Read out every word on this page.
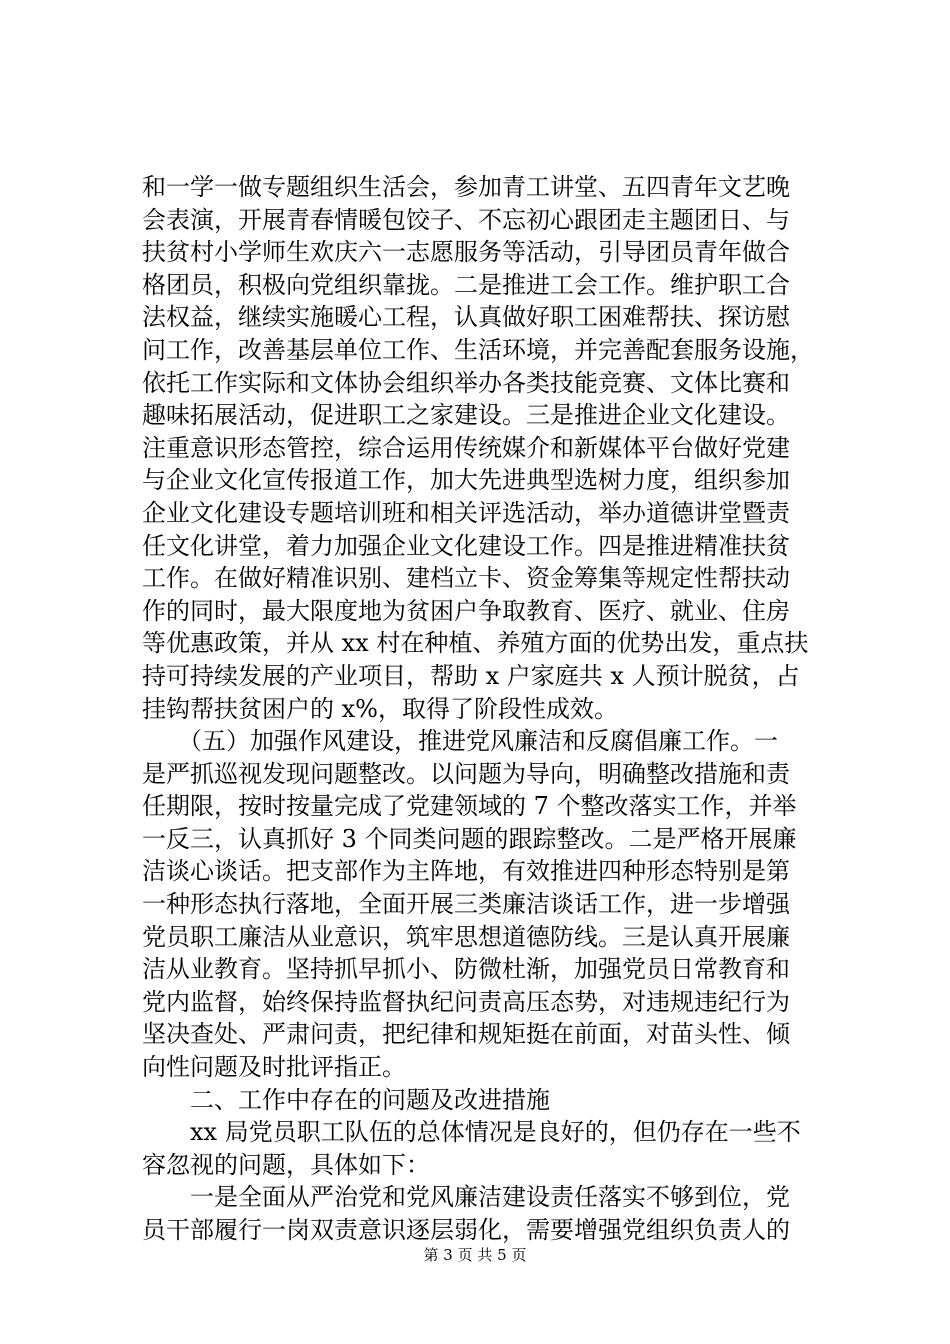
和一学一做专题组织生活会，参加青工讲堂、五四青年文艺晚
会表演，开展青春情暖包饺子、不忘初心跟团走主题团日、与
扶贫村小学师生欢庆六一志愿服务等活动，引导团员青年做合
格团员，积极向党组织靠拢。二是推进工会工作。维护职工合
法权益，继续实施暖心工程，认真做好职工困难帮扶、探访慰
问工作，改善基层单位工作、生活环境，并完善配套服务设施，
依托工作实际和文体协会组织举办各类技能竞赛、文体比赛和
趣味拓展活动，促进职工之家建设。三是推进企业文化建设。
注重意识形态管控，综合运用传统媒介和新媒体平台做好党建
与企业文化宣传报道工作，加大先进典型选树力度，组织参加
企业文化建设专题培训班和相关评选活动，举办道德讲堂暨责
任文化讲堂，着力加强企业文化建设工作。四是推进精准扶贫
工作。在做好精准识别、建档立卡、资金筹集等规定性帮扶动
作的同时，最大限度地为贫困户争取教育、医疗、就业、住房
等优惠政策，并从 xx 村在种植、养殖方面的优势出发，重点扶
持可持续发展的产业项目，帮助 x 户家庭共 x 人预计脱贫，占
挂钩帮扶贫困户的 x%，取得了阶段性成效。
　　（五）加强作风建设，推进党风廉洁和反腐倡廉工作。一
是严抓巡视发现问题整改。以问题为导向，明确整改措施和责
任期限，按时按量完成了党建领域的 7 个整改落实工作，并举
一反三，认真抓好 3 个同类问题的跟踪整改。二是严格开展廉
洁谈心谈话。把支部作为主阵地，有效推进四种形态特别是第
一种形态执行落地，全面开展三类廉洁谈话工作，进一步增强
党员职工廉洁从业意识，筑牢思想道德防线。三是认真开展廉
洁从业教育。坚持抓早抓小、防微杜渐，加强党员日常教育和
党内监督，始终保持监督执纪问责高压态势，对违规违纪行为
坚决查处、严肃问责，把纪律和规矩挺在前面，对苗头性、倾
向性问题及时批评指正。
　　二、工作中存在的问题及改进措施
　　xx 局党员职工队伍的总体情况是良好的，但仍存在一些不
容忽视的问题，具体如下：
　　一是全面从严治党和党风廉洁建设责任落实不够到位，党
员干部履行一岗双责意识逐层弱化，需要增强党组织负责人的
第 3 页 共 5 页
